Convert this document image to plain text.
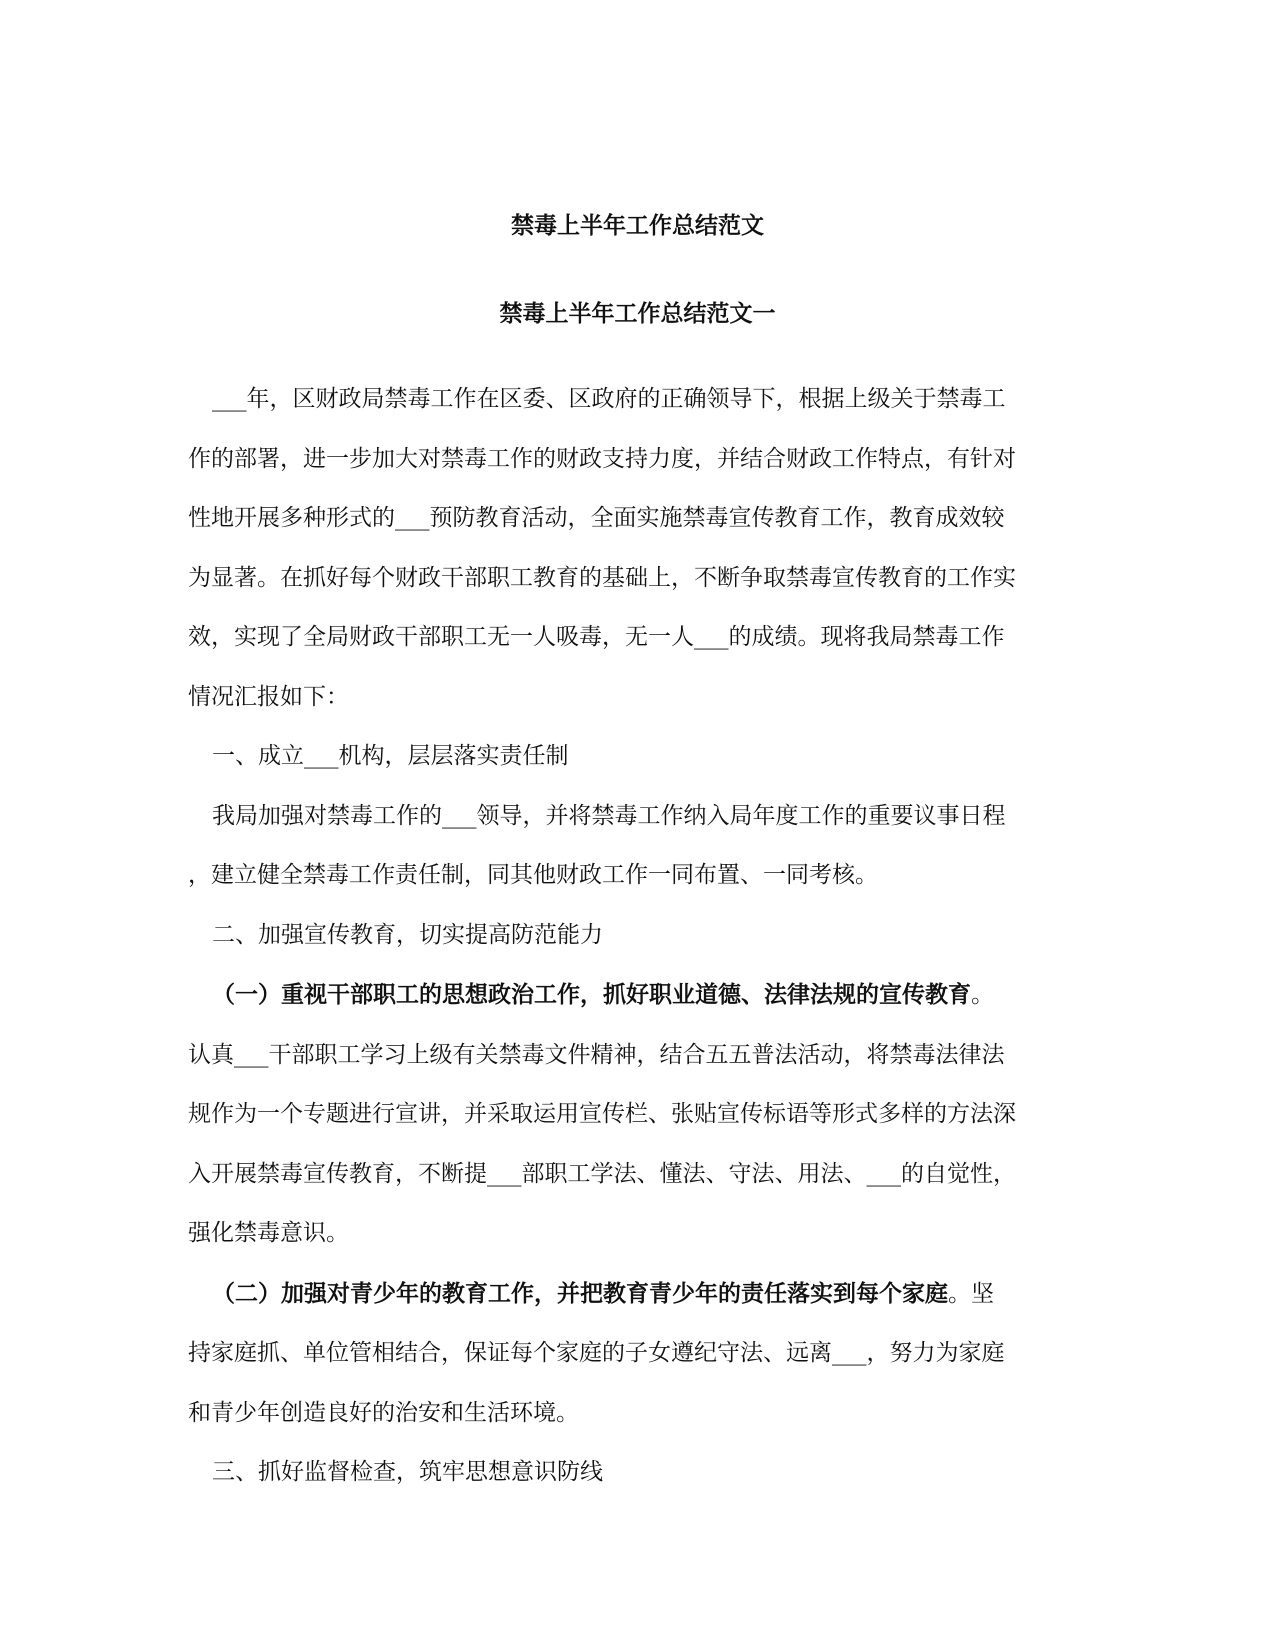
禁毒上半年工作总结范文
禁毒上半年工作总结范文一

___年，区财政局禁毒工作在区委、区政府的正确领导下，根据上级关于禁毒工

作的部署，进一步加大对禁毒工作的财政支持力度，并结合财政工作特点，有针对

性地开展多种形式的___预防教育活动，全面实施禁毒宣传教育工作，教育成效较

为显著。在抓好每个财政干部职工教育的基础上，不断争取禁毒宣传教育的工作实

效，实现了全局财政干部职工无一人吸毒，无一人___的成绩。现将我局禁毒工作

情况汇报如下：

一、成立___机构，层层落实责任制

我局加强对禁毒工作的___领导，并将禁毒工作纳入局年度工作的重要议事日程

，建立健全禁毒工作责任制，同其他财政工作一同布置、一同考核。

二、加强宣传教育，切实提高防范能力

（一）重视干部职工的思想政治工作，抓好职业道德、法律法规的宣传教育。

认真___干部职工学习上级有关禁毒文件精神，结合五五普法活动，将禁毒法律法

规作为一个专题进行宣讲，并采取运用宣传栏、张贴宣传标语等形式多样的方法深

入开展禁毒宣传教育，不断提___部职工学法、懂法、守法、用法、___的自觉性，

强化禁毒意识。

（二）加强对青少年的教育工作，并把教育青少年的责任落实到每个家庭。坚

持家庭抓、单位管相结合，保证每个家庭的子女遵纪守法、远离___，努力为家庭

和青少年创造良好的治安和生活环境。

三、抓好监督检查，筑牢思想意识防线
